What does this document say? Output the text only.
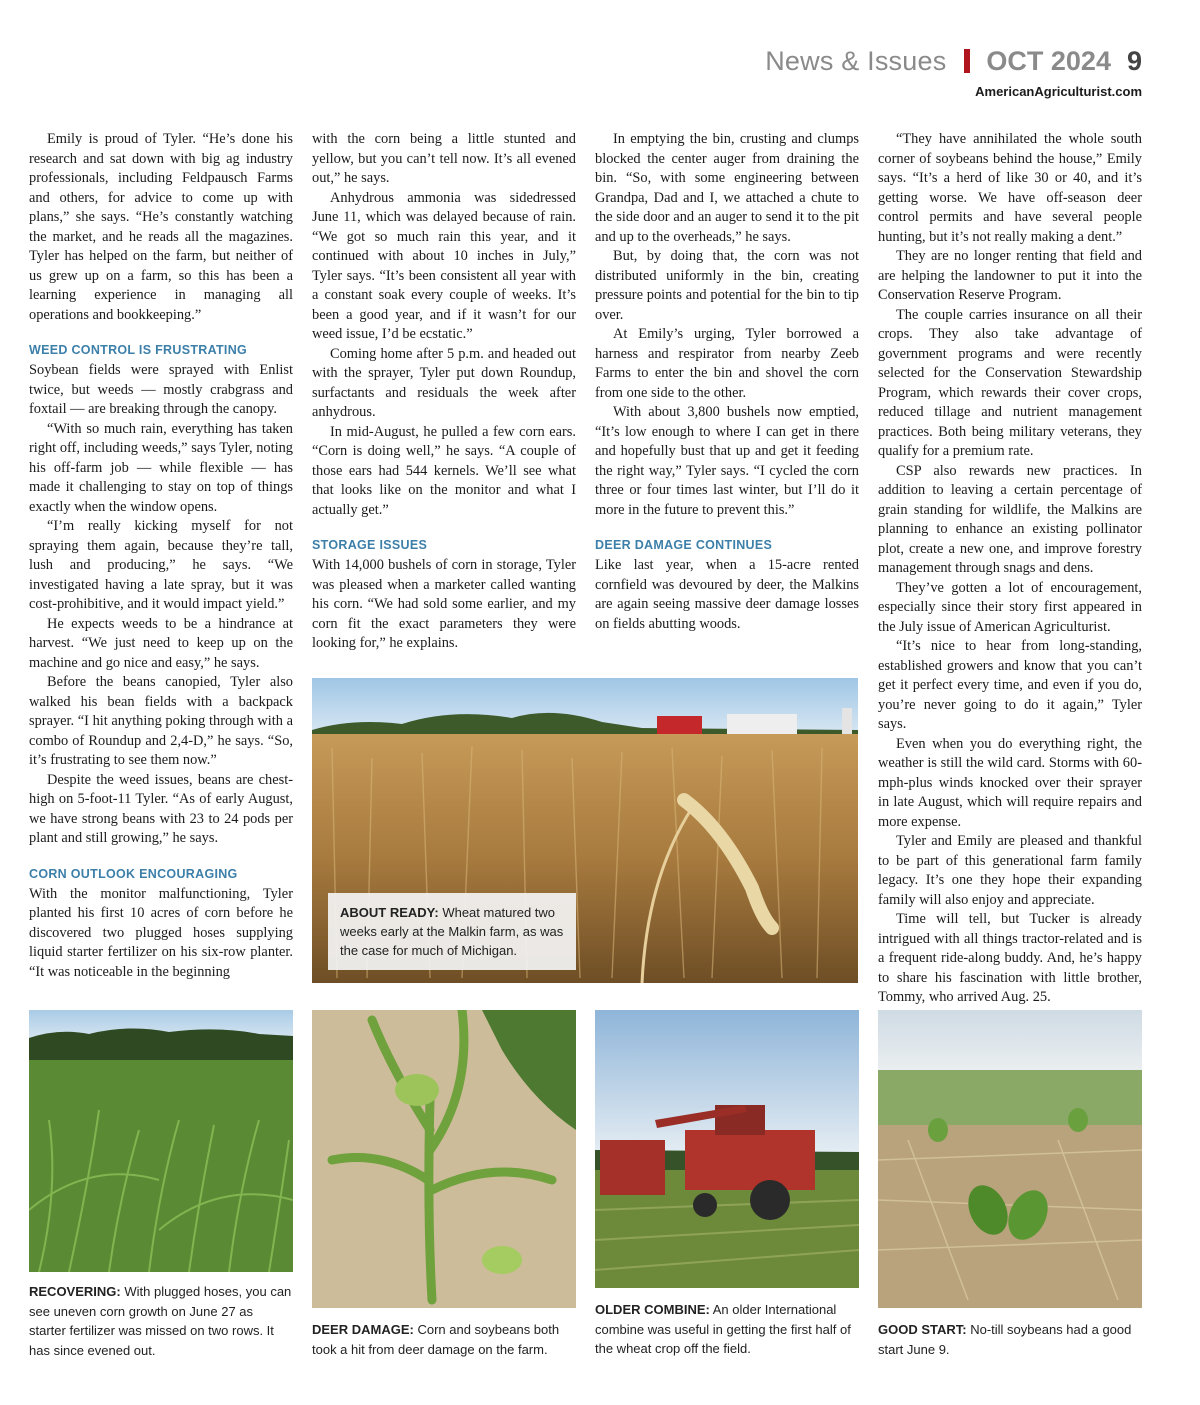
News & Issues OCT 2024 9
AmericanAgriculturist.com

Emily is proud of Tyler. “He’s done his research and sat down with big ag industry professionals, including Feldpausch Farms and others, for advice to come up with plans,” she says. “He’s constantly watching the market, and he reads all the magazines. Tyler has helped on the farm, but neither of us grew up on a farm, so this has been a learning experience in managing all operations and bookkeeping.”

WEED CONTROL IS FRUSTRATING

Soybean fields were sprayed with Enlist twice, but weeds — mostly crabgrass and foxtail — are breaking through the canopy.

“With so much rain, everything has taken right off, including weeds,” says Tyler, noting his off-farm job — while flexible — has made it challenging to stay on top of things exactly when the window opens.

“I’m really kicking myself for not spraying them again, because they’re tall, lush and producing,” he says. “We investigated having a late spray, but it was cost-prohibitive, and it would impact yield.”

He expects weeds to be a hindrance at harvest. “We just need to keep up on the machine and go nice and easy,” he says.

Before the beans canopied, Tyler also walked his bean fields with a backpack sprayer. “I hit anything poking through with a combo of Roundup and 2,4-D,” he says. “So, it’s frustrating to see them now.”

Despite the weed issues, beans are chest-high on 5-foot-11 Tyler. “As of early August, we have strong beans with 23 to 24 pods per plant and still growing,” he says.

CORN OUTLOOK ENCOURAGING

With the monitor malfunctioning, Tyler planted his first 10 acres of corn before he discovered two plugged hoses supplying liquid starter fertilizer on his six-row planter. “It was noticeable in the beginning

with the corn being a little stunted and yellow, but you can’t tell now. It’s all evened out,” he says.

Anhydrous ammonia was sidedressed June 11, which was delayed because of rain. “We got so much rain this year, and it continued with about 10 inches in July,” Tyler says. “It’s been consistent all year with a constant soak every couple of weeks. It’s been a good year, and if it wasn’t for our weed issue, I’d be ecstatic.”

Coming home after 5 p.m. and headed out with the sprayer, Tyler put down Roundup, surfactants and residuals the week after anhydrous.

In mid-August, he pulled a few corn ears. “Corn is doing well,” he says. “A couple of those ears had 544 kernels. We’ll see what that looks like on the monitor and what I actually get.”

STORAGE ISSUES

With 14,000 bushels of corn in storage, Tyler was pleased when a marketer called wanting his corn. “We had sold some earlier, and my corn fit the exact parameters they were looking for,” he explains.

In emptying the bin, crusting and clumps blocked the center auger from draining the bin. “So, with some engineering between Grandpa, Dad and I, we attached a chute to the side door and an auger to send it to the pit and up to the overheads,” he says.

But, by doing that, the corn was not distributed uniformly in the bin, creating pressure points and potential for the bin to tip over.

At Emily’s urging, Tyler borrowed a harness and respirator from nearby Zeeb Farms to enter the bin and shovel the corn from one side to the other.

With about 3,800 bushels now emptied, “It’s low enough to where I can get in there and hopefully bust that up and get it feeding the right way,” Tyler says. “I cycled the corn three or four times last winter, but I’ll do it more in the future to prevent this.”

DEER DAMAGE CONTINUES

Like last year, when a 15-acre rented cornfield was devoured by deer, the Malkins are again seeing massive deer damage losses on fields abutting woods.

“They have annihilated the whole south corner of soybeans behind the house,” Emily says. “It’s a herd of like 30 or 40, and it’s getting worse. We have off-season deer control permits and have several people hunting, but it’s not really making a dent.”

They are no longer renting that field and are helping the landowner to put it into the Conservation Reserve Program.

The couple carries insurance on all their crops. They also take advantage of government programs and were recently selected for the Conservation Stewardship Program, which rewards their cover crops, reduced tillage and nutrient management practices. Both being military veterans, they qualify for a premium rate.

CSP also rewards new practices. In addition to leaving a certain percentage of grain standing for wildlife, the Malkins are planning to enhance an existing pollinator plot, create a new one, and improve forestry management through snags and dens.

They’ve gotten a lot of encouragement, especially since their story first appeared in the July issue of American Agriculturist.

“It’s nice to hear from long-standing, established growers and know that you can’t get it perfect every time, and even if you do, you’re never going to do it again,” Tyler says.

Even when you do everything right, the weather is still the wild card. Storms with 60-mph-plus winds knocked over their sprayer in late August, which will require repairs and more expense.

Tyler and Emily are pleased and thankful to be part of this generational farm family legacy. It’s one they hope their expanding family will also enjoy and appreciate.

Time will tell, but Tucker is already intrigued with all things tractor-related and is a frequent ride-along buddy. And, he’s happy to share his fascination with little brother, Tommy, who arrived Aug. 25.

ABOUT READY: Wheat matured two weeks early at the Malkin farm, as was the case for much of Michigan.
RECOVERING: With plugged hoses, you can see uneven corn growth on June 27 as starter fertilizer was missed on two rows. It has since evened out.
DEER DAMAGE: Corn and soybeans both took a hit from deer damage on the farm.
OLDER COMBINE: An older International combine was useful in getting the first half of the wheat crop off the field.
GOOD START: No-till soybeans had a good start June 9.
